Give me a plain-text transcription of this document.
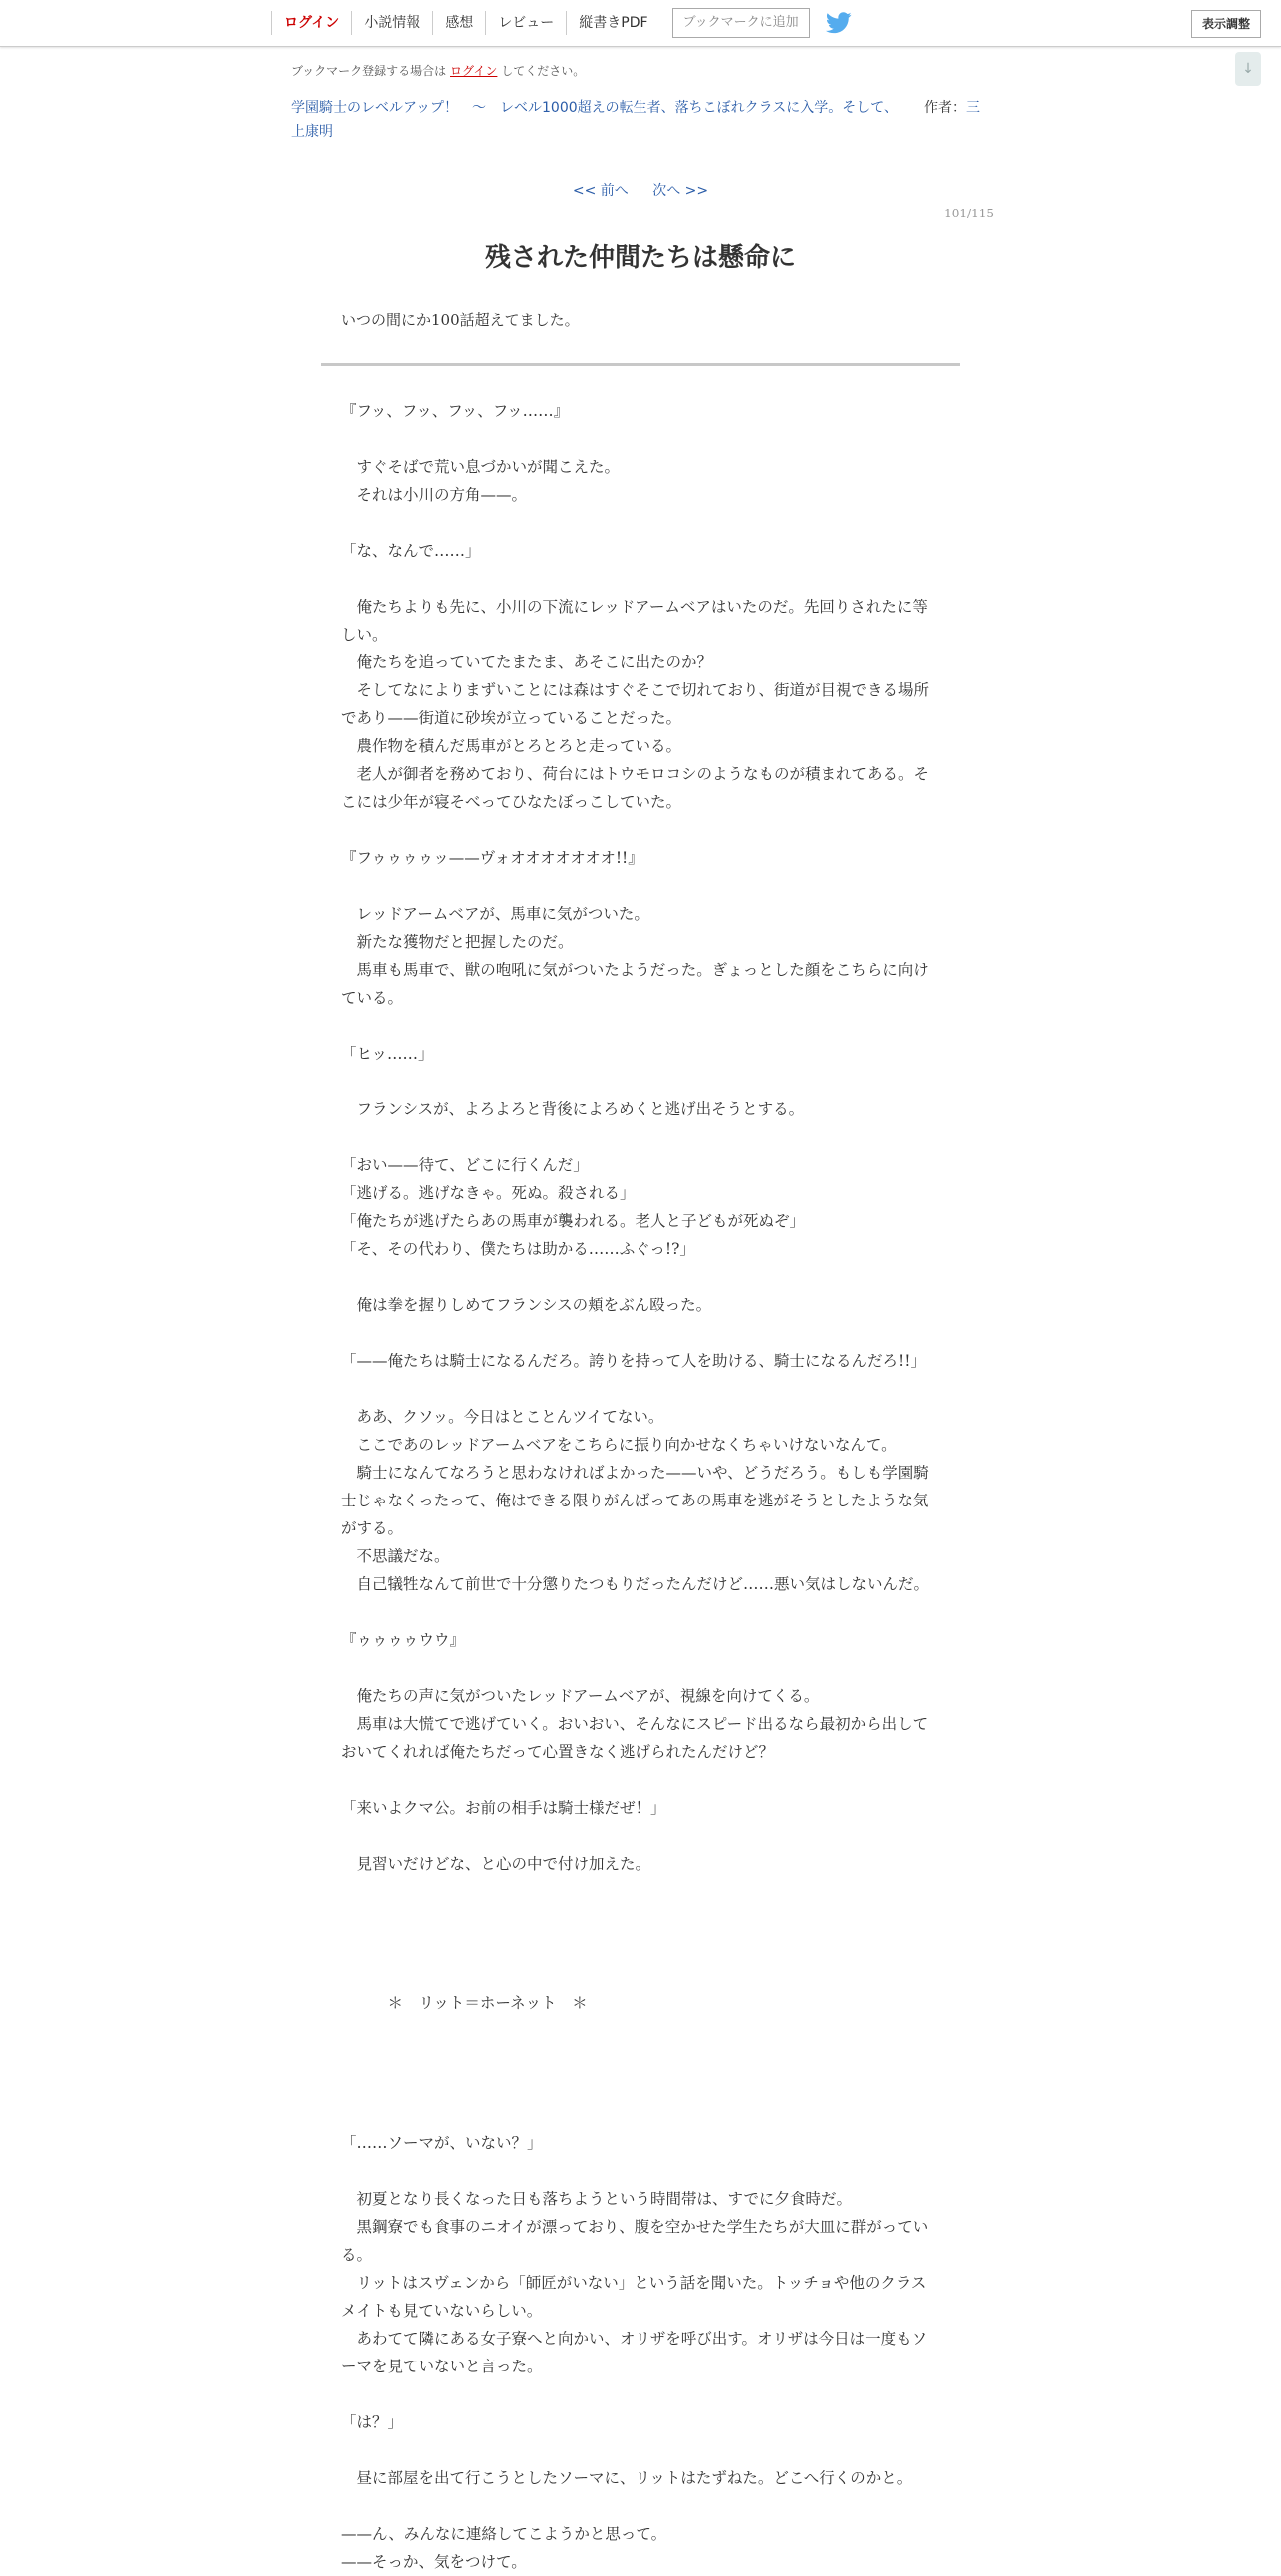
ログイン	小説情報	感想	レビュー	縦書きPDF	ブックマークに追加	表示調整
↓
ブックマーク登録する場合は ログイン してください。
学園騎士のレベルアップ！　〜　レベル1000超えの転生者、落ちこぼれクラスに入学。そして、 作者：三上康明
<< 前へ 次へ >>
101/115
残された仲間たちは懸命に
いつの間にか100話超えてました。
『フッ、フッ、フッ、フッ……』
　すぐそばで荒い息づかいが聞こえた。
　それは小川の方角——。
「な、なんで……」
　俺たちよりも先に、小川の下流にレッドアームベアはいたのだ。先回りされたに等しい。
　俺たちを追っていてたまたま、あそこに出たのか？
　そしてなによりまずいことには森はすぐそこで切れており、街道が目視できる場所であり——街道に砂埃が立っていることだった。
　農作物を積んだ馬車がとろとろと走っている。
　老人が御者を務めており、荷台にはトウモロコシのようなものが積まれてある。そこには少年が寝そべってひなたぼっこしていた。
『フゥゥゥゥッ——ヴォオオオオオオオ!!』
　レッドアームベアが、馬車に気がついた。
　新たな獲物だと把握したのだ。
　馬車も馬車で、獣の咆吼に気がついたようだった。ぎょっとした顔をこちらに向けている。
「ヒッ……」
　フランシスが、よろよろと背後によろめくと逃げ出そうとする。
「おい——待て、どこに行くんだ」
「逃げる。逃げなきゃ。死ぬ。殺される」
「俺たちが逃げたらあの馬車が襲われる。老人と子どもが死ぬぞ」
「そ、その代わり、僕たちは助かる……ふぐっ!?」
　俺は拳を握りしめてフランシスの頬をぶん殴った。
「——俺たちは騎士になるんだろ。誇りを持って人を助ける、騎士になるんだろ!!」
　ああ、クソッ。今日はとことんツイてない。
　ここであのレッドアームベアをこちらに振り向かせなくちゃいけないなんて。
　騎士になんてなろうと思わなければよかった——いや、どうだろう。もしも学園騎士じゃなくったって、俺はできる限りがんばってあの馬車を逃がそうとしたような気がする。
　不思議だな。
　自己犠牲なんて前世で十分懲りたつもりだったんだけど……悪い気はしないんだ。
『ゥゥゥゥウウ』
　俺たちの声に気がついたレッドアームベアが、視線を向けてくる。
　馬車は大慌てで逃げていく。おいおい、そんなにスピード出るなら最初から出しておいてくれれば俺たちだって心置きなく逃げられたんだけど？
「来いよクマ公。お前の相手は騎士様だぜ！」
　見習いだけどな、と心の中で付け加えた。
　　　＊　リット＝ホーネット　＊
「……ソーマが、いない？」
　初夏となり長くなった日も落ちようという時間帯は、すでに夕食時だ。
　黒鋼寮でも食事のニオイが漂っており、腹を空かせた学生たちが大皿に群がっている。
　リットはスヴェンから「師匠がいない」という話を聞いた。トッチョや他のクラスメイトも見ていないらしい。
　あわてて隣にある女子寮へと向かい、オリザを呼び出す。オリザは今日は一度もソーマを見ていないと言った。
「は？」
　昼に部屋を出て行こうとしたソーマに、リットはたずねた。どこへ行くのかと。
——ん、みんなに連絡してこようかと思って。
——そっか、気をつけて。
